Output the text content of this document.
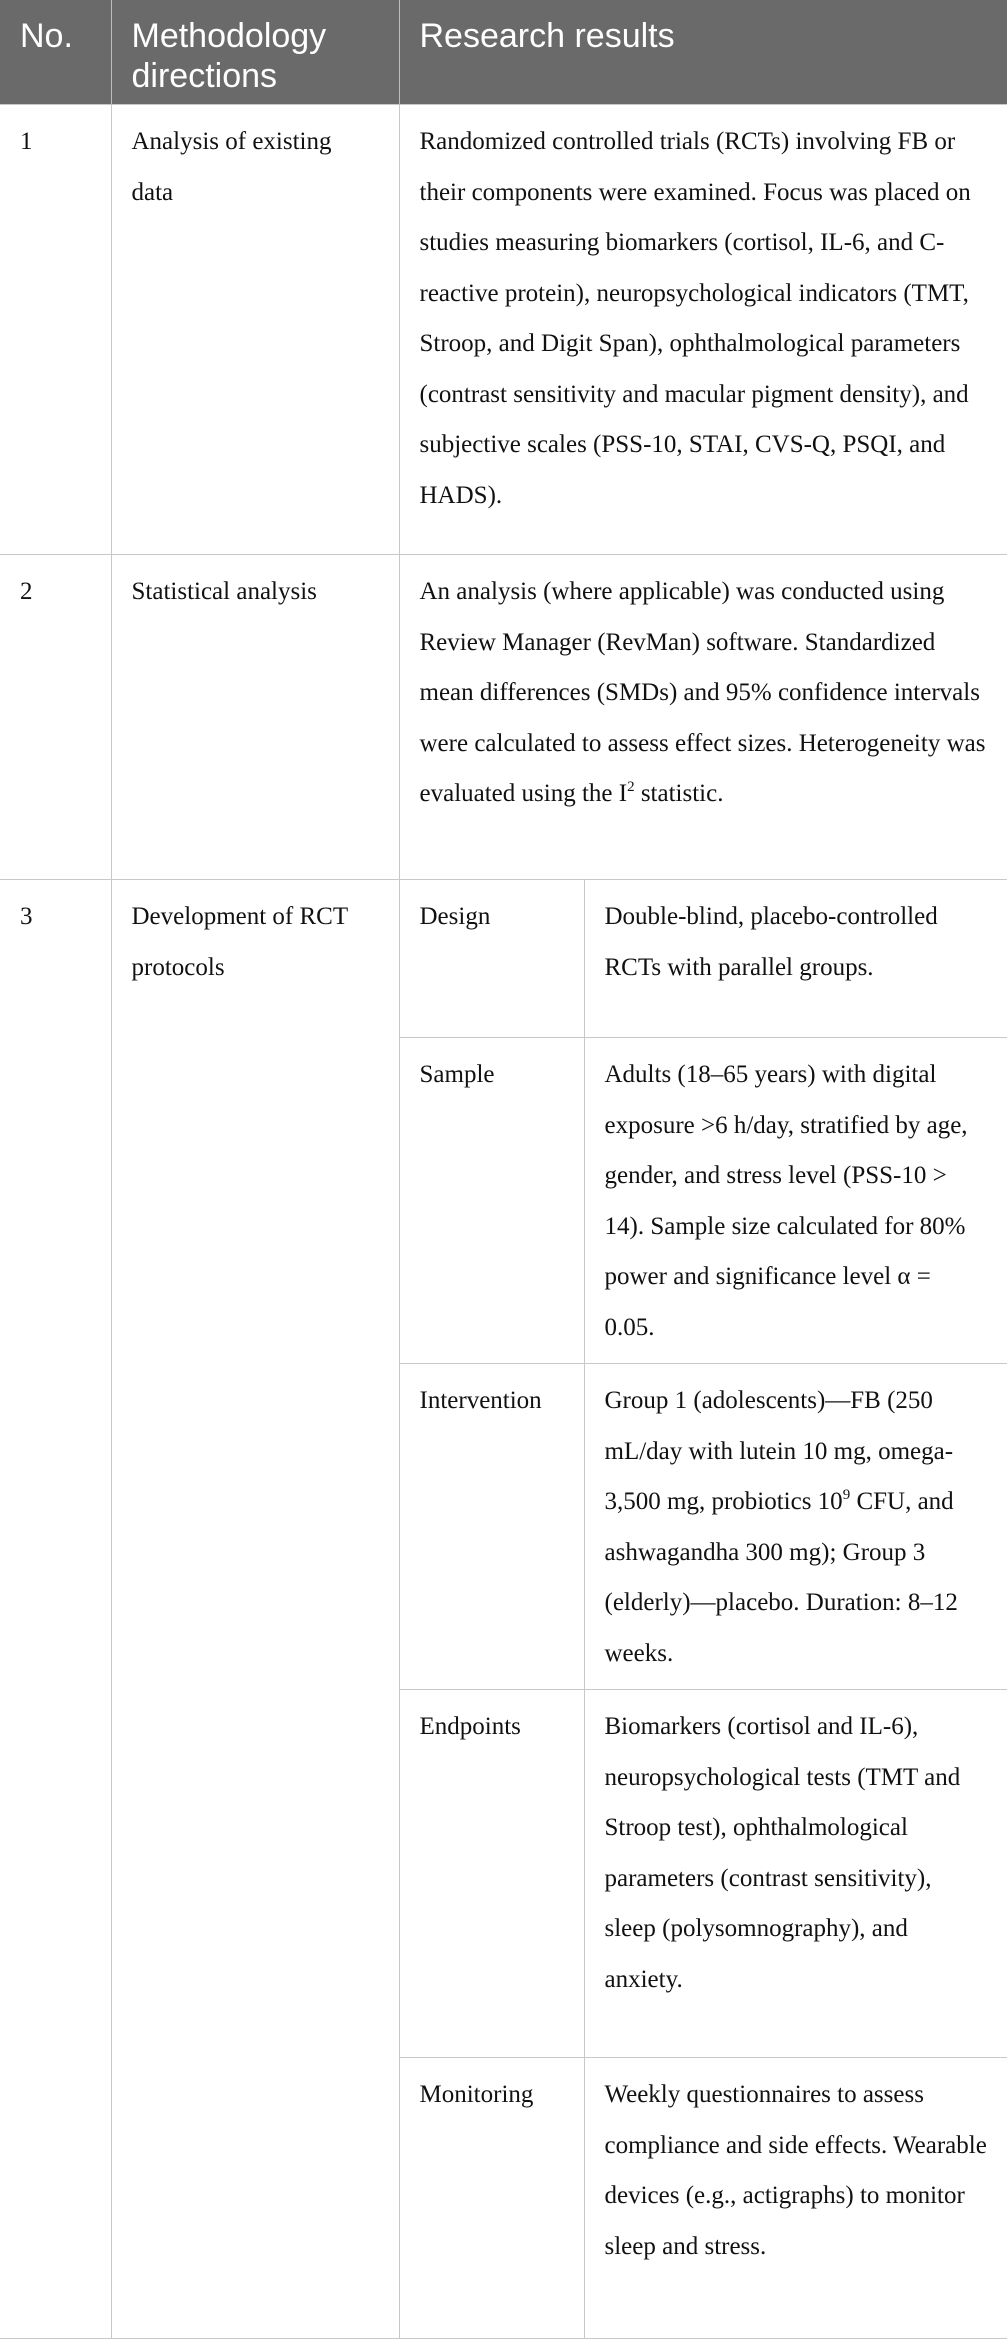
No.	Methodology directions	Research results	
1	Analysis of existing data	Randomized controlled trials (RCTs) involving FB or their components were examined. Focus was placed on studies measuring biomarkers (cortisol, IL-6, and C-reactive protein), neuropsychological indicators (TMT, Stroop, and Digit Span), ophthalmological parameters (contrast sensitivity and macular pigment density), and subjective scales (PSS-10, STAI, CVS-Q, PSQI, and HADS).	
2	Statistical analysis	An analysis (where applicable) was conducted using Review Manager (RevMan) software. Standardized mean differences (SMDs) and 95% confidence intervals were calculated to assess effect sizes. Heterogeneity was evaluated using the $I^2$ statistic.	
3	Development of RCT protocols	Design	Double-blind, placebo-controlled RCTs with parallel groups.
		Sample	Adults (18–65 years) with digital exposure >6 h/day, stratified by age, gender, and stress level (PSS-10 > 14). Sample size calculated for 80% power and significance level α = 0.05.
		Intervention	Group 1 (adolescents)—FB (250 mL/day with lutein 10 mg, omega-3,500 mg, probiotics $10^9$ CFU, and ashwagandha 300 mg); Group 3 (elderly)—placebo. Duration: 8–12 weeks.
		Endpoints	Biomarkers (cortisol and IL-6), neuropsychological tests (TMT and Stroop test), ophthalmological parameters (contrast sensitivity), sleep (polysomnography), and anxiety.
		Monitoring	Weekly questionnaires to assess compliance and side effects. Wearable devices (e.g., actigraphs) to monitor sleep and stress.
